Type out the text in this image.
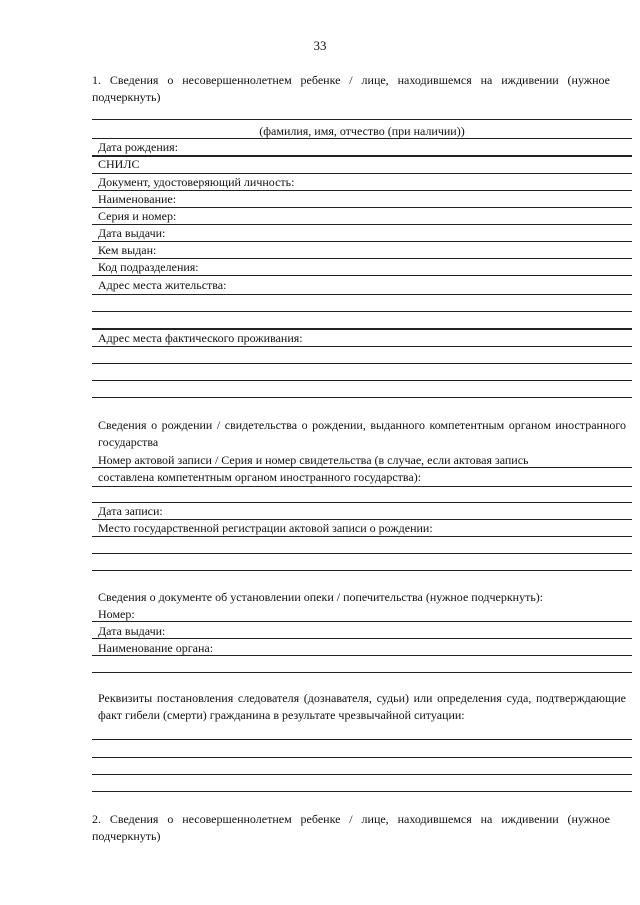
33
1. Сведения о несовершеннолетнем ребенке / лице, находившемся на иждивении (нужное подчеркнуть)
(фамилия, имя, отчество (при наличии))
Дата рождения:
СНИЛС
Документ, удостоверяющий личность:
Наименование:
Серия и номер:
Дата выдачи:
Кем выдан:
Код подразделения:
Адрес места жительства:
Адрес места фактического проживания:
Сведения о рождении / свидетельства о рождении, выданного компетентным органом иностранного государства
Номер актовой записи / Серия и номер свидетельства (в случае, если актовая запись
составлена компетентным органом иностранного государства):
Дата записи:
Место государственной регистрации актовой записи о рождении:
Сведения о документе об установлении опеки / попечительства (нужное подчеркнуть):
Номер:
Дата выдачи:
Наименование органа:
Реквизиты постановления следователя (дознавателя, судьи) или определения суда, подтверждающие факт гибели (смерти) гражданина в результате чрезвычайной ситуации:
2. Сведения о несовершеннолетнем ребенке / лице, находившемся на иждивении (нужное подчеркнуть)
